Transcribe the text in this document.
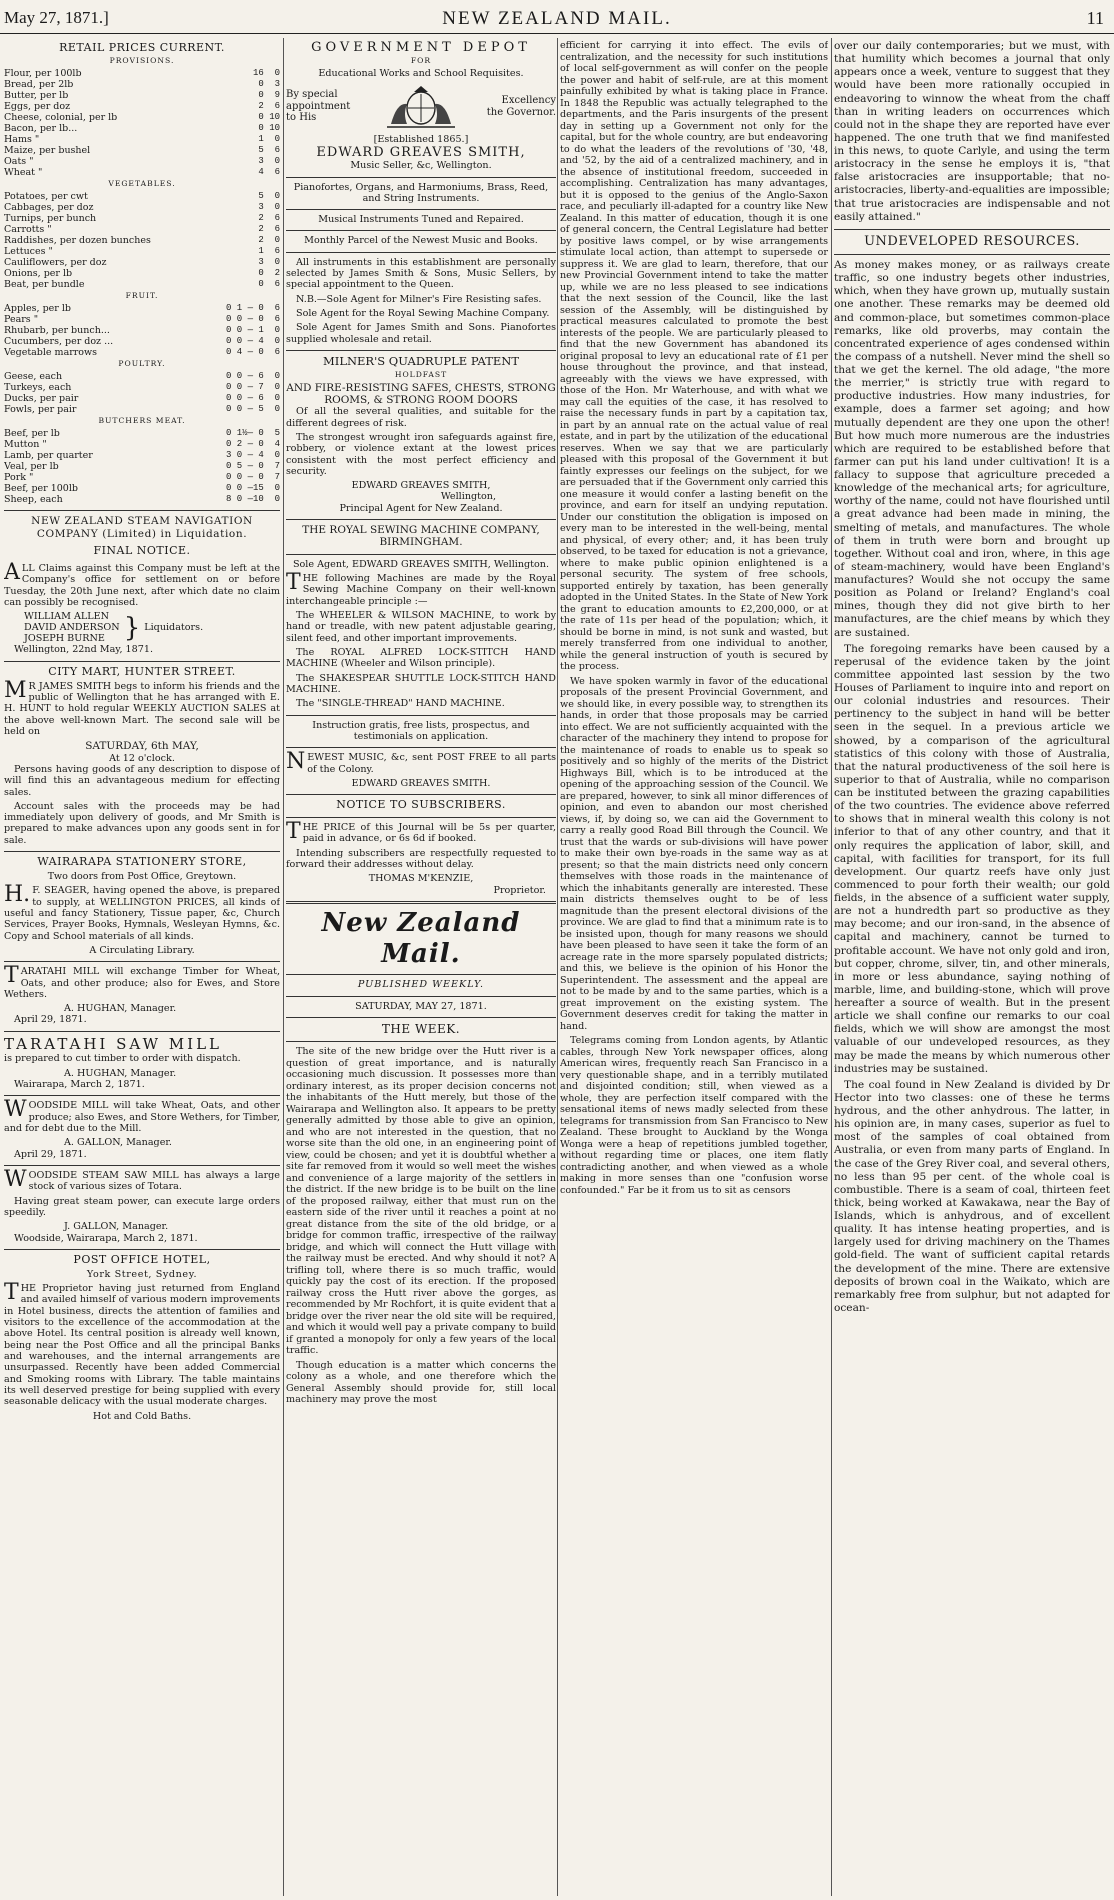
May 27, 1871.]	NEW ZEALAND MAIL.	11
RETAIL PRICES CURRENT.
PROVISIONS.
Flour, per 100lb	16  0
Bread, per 2lb	0  3
Butter, per lb	0  9
Eggs, per doz	2  6
Cheese, colonial, per lb	0 10
Bacon, per lb...	0 10
Hams "	1  0
Maize, per bushel	5  6
Oats "	3  0
Wheat "	4  6
VEGETABLES.
Potatoes, per cwt	5  0
Cabbages, per doz	3  0
Turnips, per bunch	2  6
Carrotts "	2  6
Raddishes, per dozen bunches	2  0
Lettuces "	1  6
Cauliflowers, per doz	3  0
Onions, per lb	0  2
Beat, per bundle	0  6
FRUIT.
Apples, per lb	0 1 — 0  6
Pears "	0 0 — 0  6
Rhubarb, per bunch...	0 0 — 1  0
Cucumbers, per doz ...	0 0 — 4  0
Vegetable marrows	0 4 — 0  6
POULTRY.
Geese, each	0 0 — 6  0
Turkeys, each	0 0 — 7  0
Ducks, per pair	0 0 — 6  0
Fowls, per pair	0 0 — 5  0
BUTCHERS MEAT.
Beef, per lb	0 1½— 0  5
Mutton "	0 2 — 0  4
Lamb, per quarter	3 0 — 4  0
Veal, per lb	0 5 — 0  7
Pork "	0 0 — 0  7
Beef, per 100lb	0 0 —15  0
Sheep, each	8 0 —10  0
NEW ZEALAND STEAM NAVIGATION COMPANY (Limited) in Liquidation.
FINAL NOTICE.

ALL Claims against this Company must be left at the Company's office for settlement on or before Tuesday, the 20th June next, after which date no claim can possibly be recognised.

WILLIAM ALLEN
DAVID ANDERSON
JOSEPH BURNE } Liquidators.
Wellington, 22nd May, 1871.
CITY MART, HUNTER STREET.

MR JAMES SMITH begs to inform his friends and the public of Wellington that he has arranged with E. H. HUNT to hold regular WEEKLY AUCTION SALES at the above well-known Mart. The second sale will be held on

SATURDAY, 6th MAY,
At 12 o'clock.

Persons having goods of any description to dispose of will find this an advantageous medium for effecting sales.

Account sales with the proceeds may be had immediately upon delivery of goods, and Mr Smith is prepared to make advances upon any goods sent in for sale.

WAIRARAPA STATIONERY STORE,
Two doors from Post Office, Greytown.

H.F. SEAGER, having opened the above, is prepared to supply, at WELLINGTON PRICES, all kinds of useful and fancy Stationery, Tissue paper, &c, Church Services, Prayer Books, Hymnals, Wesleyan Hymns, &c. Copy and School materials of all kinds.

A Circulating Library.

TARATAHI MILL will exchange Timber for Wheat, Oats, and other produce; also for Ewes, and Store Wethers.

A. HUGHAN, Manager.
April 29, 1871.
TARATAHI SAW MILL

is prepared to cut timber to order with dispatch.

A. HUGHAN, Manager.
Wairarapa, March 2, 1871.

WOODSIDE MILL will take Wheat, Oats, and other produce; also Ewes, and Store Wethers, for Timber, and for debt due to the Mill.

A. GALLON, Manager.
April 29, 1871.

WOODSIDE STEAM SAW MILL has always a large stock of various sizes of Totara.

Having great steam power, can execute large orders speedily.

J. GALLON, Manager.
Woodside, Wairarapa, March 2, 1871.
POST OFFICE HOTEL,
York Street, Sydney.

THE Proprietor having just returned from England and availed himself of various modern improvements in Hotel business, directs the attention of families and visitors to the excellence of the accommodation at the above Hotel. Its central position is already well known, being near the Post Office and all the principal Banks and warehouses, and the internal arrangements are unsurpassed. Recently have been added Commercial and Smoking rooms with Library. The table maintains its well deserved prestige for being supplied with every seasonable delicacy with the usual moderate charges.

Hot and Cold Baths.
GOVERNMENT DEPOT
FOR
Educational Works and School Requisites.
By special appointment to His
Excellency the Governor.
[Established 1865.]
EDWARD GREAVES SMITH,
Music Seller, &c, Wellington.
Pianofortes, Organs, and Harmoniums, Brass, Reed, and String Instruments.
Musical Instruments Tuned and Repaired.
Monthly Parcel of the Newest Music and Books.

All instruments in this establishment are personally selected by James Smith & Sons, Music Sellers, by special appointment to the Queen.

N.B.—Sole Agent for Milner's Fire Resisting safes.

Sole Agent for the Royal Sewing Machine Company.

Sole Agent for James Smith and Sons. Pianofortes supplied wholesale and retail.

MILNER'S QUADRUPLE PATENT
HOLDFAST
AND FIRE-RESISTING SAFES, CHESTS, STRONG ROOMS, & STRONG ROOM DOORS

Of all the several qualities, and suitable for the different degrees of risk.

The strongest wrought iron safeguards against fire, robbery, or violence extant at the lowest prices consistent with the most perfect efficiency and security.

EDWARD GREAVES SMITH,
Wellington,
Principal Agent for New Zealand.
THE ROYAL SEWING MACHINE COMPANY, BIRMINGHAM.

Sole Agent, EDWARD GREAVES SMITH, Wellington.

THE following Machines are made by the Royal Sewing Machine Company on their well-known interchangeable principle :—

The WHEELER & WILSON MACHINE, to work by hand or treadle, with new patent adjustable gearing, silent feed, and other important improvements.

The ROYAL ALFRED LOCK-STITCH HAND MACHINE (Wheeler and Wilson principle).

The SHAKESPEAR SHUTTLE LOCK-STITCH HAND MACHINE.

The "SINGLE-THREAD" HAND MACHINE.

Instruction gratis, free lists, prospectus, and testimonials on application.

NEWEST MUSIC, &c, sent POST FREE to all parts of the Colony.

EDWARD GREAVES SMITH.
NOTICE TO SUBSCRIBERS.

THE PRICE of this Journal will be 5s per quarter, paid in advance, or 6s 6d if booked.

Intending subscribers are respectfully requested to forward their addresses without delay.

THOMAS M'KENZIE,
Proprietor.
New Zealand Mail.
PUBLISHED WEEKLY.
SATURDAY, MAY 27, 1871.
THE WEEK.

The site of the new bridge over the Hutt river is a question of great importance, and is naturally occasioning much discussion. It possesses more than ordinary interest, as its proper decision concerns not the inhabitants of the Hutt merely, but those of the Wairarapa and Wellington also. It appears to be pretty generally admitted by those able to give an opinion, and who are not interested in the question, that no worse site than the old one, in an engineering point of view, could be chosen; and yet it is doubtful whether a site far removed from it would so well meet the wishes and convenience of a large majority of the settlers in the district. If the new bridge is to be built on the line of the proposed railway, either that must run on the eastern side of the river until it reaches a point at no great distance from the site of the old bridge, or a bridge for common traffic, irrespective of the railway bridge, and which will connect the Hutt village with the railway must be erected. And why should it not? A trifling toll, where there is so much traffic, would quickly pay the cost of its erection. If the proposed railway cross the Hutt river above the gorges, as recommended by Mr Rochfort, it is quite evident that a bridge over the river near the old site will be required, and which it would well pay a private company to build if granted a monopoly for only a few years of the local traffic.

Though education is a matter which concerns the colony as a whole, and one therefore which the General Assembly should provide for, still local machinery may prove the most

efficient for carrying it into effect. The evils of centralization, and the necessity for such institutions of local self-government as will confer on the people the power and habit of self-rule, are at this moment painfully exhibited by what is taking place in France. In 1848 the Republic was actually telegraphed to the departments, and the Paris insurgents of the present day in setting up a Government not only for the capital, but for the whole country, are but endeavoring to do what the leaders of the revolutions of '30, '48, and '52, by the aid of a centralized machinery, and in the absence of institutional freedom, succeeded in accomplishing. Centralization has many advantages, but it is opposed to the genius of the Anglo-Saxon race, and peculiarly ill-adapted for a country like New Zealand. In this matter of education, though it is one of general concern, the Central Legislature had better by positive laws compel, or by wise arrangements stimulate local action, than attempt to supersede or suppress it. We are glad to learn, therefore, that our new Provincial Government intend to take the matter up, while we are no less pleased to see indications that the next session of the Council, like the last session of the Assembly, will be distinguished by practical measures calculated to promote the best interests of the people. We are particularly pleased to find that the new Government has abandoned its original proposal to levy an educational rate of £1 per house throughout the province, and that instead, agreeably with the views we have expressed, with those of the Hon. Mr Waterhouse, and with what we may call the equities of the case, it has resolved to raise the necessary funds in part by a capitation tax, in part by an annual rate on the actual value of real estate, and in part by the utilization of the educational reserves. When we say that we are particularly pleased with this proposal of the Government it but faintly expresses our feelings on the subject, for we are persuaded that if the Government only carried this one measure it would confer a lasting benefit on the province, and earn for itself an undying reputation. Under our constitution the obligation is imposed on every man to be interested in the well-being, mental and physical, of every other; and, it has been truly observed, to be taxed for education is not a grievance, where to make public opinion enlightened is a personal security. The system of free schools, supported entirely by taxation, has been generally adopted in the United States. In the State of New York the grant to education amounts to £2,200,000, or at the rate of 11s per head of the population; which, it should be borne in mind, is not sunk and wasted, but merely transferred from one individual to another, while the general instruction of youth is secured by the process.

We have spoken warmly in favor of the educational proposals of the present Provincial Government, and we should like, in every possible way, to strengthen its hands, in order that those proposals may be carried into effect. We are not sufficiently acquainted with the character of the machinery they intend to propose for the maintenance of roads to enable us to speak so positively and so highly of the merits of the District Highways Bill, which is to be introduced at the opening of the approaching session of the Council. We are prepared, however, to sink all minor differences of opinion, and even to abandon our most cherished views, if, by doing so, we can aid the Government to carry a really good Road Bill through the Council. We trust that the wards or sub-divisions will have power to make their own bye-roads in the same way as at present; so that the main districts need only concern themselves with those roads in the maintenance of which the inhabitants generally are interested. These main districts themselves ought to be of less magnitude than the present electoral divisions of the province. We are glad to find that a minimum rate is to be insisted upon, though for many reasons we should have been pleased to have seen it take the form of an acreage rate in the more sparsely populated districts; and this, we believe is the opinion of his Honor the Superintendent. The assessment and the appeal are not to be made by and to the same parties, which is a great improvement on the existing system. The Government deserves credit for taking the matter in hand.

Telegrams coming from London agents, by Atlantic cables, through New York newspaper offices, along American wires, frequently reach San Francisco in a very questionable shape, and in a terribly mutilated and disjointed condition; still, when viewed as a whole, they are perfection itself compared with the sensational items of news madly selected from these telegrams for transmission from San Francisco to New Zealand. These brought to Auckland by the Wonga Wonga were a heap of repetitions jumbled together, without regarding time or places, one item flatly contradicting another, and when viewed as a whole making in more senses than one "confusion worse confounded." Far be it from us to sit as censors

over our daily contemporaries; but we must, with that humility which becomes a journal that only appears once a week, venture to suggest that they would have been more rationally occupied in endeavoring to winnow the wheat from the chaff than in writing leaders on occurrences which could not in the shape they are reported have ever happened. The one truth that we find manifested in this news, to quote Carlyle, and using the term aristocracy in the sense he employs it is, "that false aristocracies are insupportable; that no-aristocracies, liberty-and-equalities are impossible; that true aristocracies are indispensable and not easily attained."

UNDEVELOPED RESOURCES.

As money makes money, or as railways create traffic, so one industry begets other industries, which, when they have grown up, mutually sustain one another. These remarks may be deemed old and common-place, but sometimes common-place remarks, like old proverbs, may contain the concentrated experience of ages condensed within the compass of a nutshell. Never mind the shell so that we get the kernel. The old adage, "the more the merrier," is strictly true with regard to productive industries. How many industries, for example, does a farmer set agoing; and how mutually dependent are they one upon the other! But how much more numerous are the industries which are required to be established before that farmer can put his land under cultivation! It is a fallacy to suppose that agriculture preceded a knowledge of the mechanical arts; for agriculture, worthy of the name, could not have flourished until a great advance had been made in mining, the smelting of metals, and manufactures. The whole of them in truth were born and brought up together. Without coal and iron, where, in this age of steam-machinery, would have been England's manufactures? Would she not occupy the same position as Poland or Ireland? England's coal mines, though they did not give birth to her manufactures, are the chief means by which they are sustained.

The foregoing remarks have been caused by a reperusal of the evidence taken by the joint committee appointed last session by the two Houses of Parliament to inquire into and report on our colonial industries and resources. Their pertinency to the subject in hand will be better seen in the sequel. In a previous article we showed, by a comparison of the agricultural statistics of this colony with those of Australia, that the natural productiveness of the soil here is superior to that of Australia, while no comparison can be instituted between the grazing capabilities of the two countries. The evidence above referred to shows that in mineral wealth this colony is not inferior to that of any other country, and that it only requires the application of labor, skill, and capital, with facilities for transport, for its full development. Our quartz reefs have only just commenced to pour forth their wealth; our gold fields, in the absence of a sufficient water supply, are not a hundredth part so productive as they may become; and our iron-sand, in the absence of capital and machinery, cannot be turned to profitable account. We have not only gold and iron, but copper, chrome, silver, tin, and other minerals, in more or less abundance, saying nothing of marble, lime, and building-stone, which will prove hereafter a source of wealth. But in the present article we shall confine our remarks to our coal fields, which we will show are amongst the most valuable of our undeveloped resources, as they may be made the means by which numerous other industries may be sustained.

The coal found in New Zealand is divided by Dr Hector into two classes: one of these he terms hydrous, and the other anhydrous. The latter, in his opinion are, in many cases, superior as fuel to most of the samples of coal obtained from Australia, or even from many parts of England. In the case of the Grey River coal, and several others, no less than 95 per cent. of the whole coal is combustible. There is a seam of coal, thirteen feet thick, being worked at Kawakawa, near the Bay of Islands, which is anhydrous, and of excellent quality. It has intense heating properties, and is largely used for driving machinery on the Thames gold-field. The want of sufficient capital retards the development of the mine. There are extensive deposits of brown coal in the Waikato, which are remarkably free from sulphur, but not adapted for ocean-
